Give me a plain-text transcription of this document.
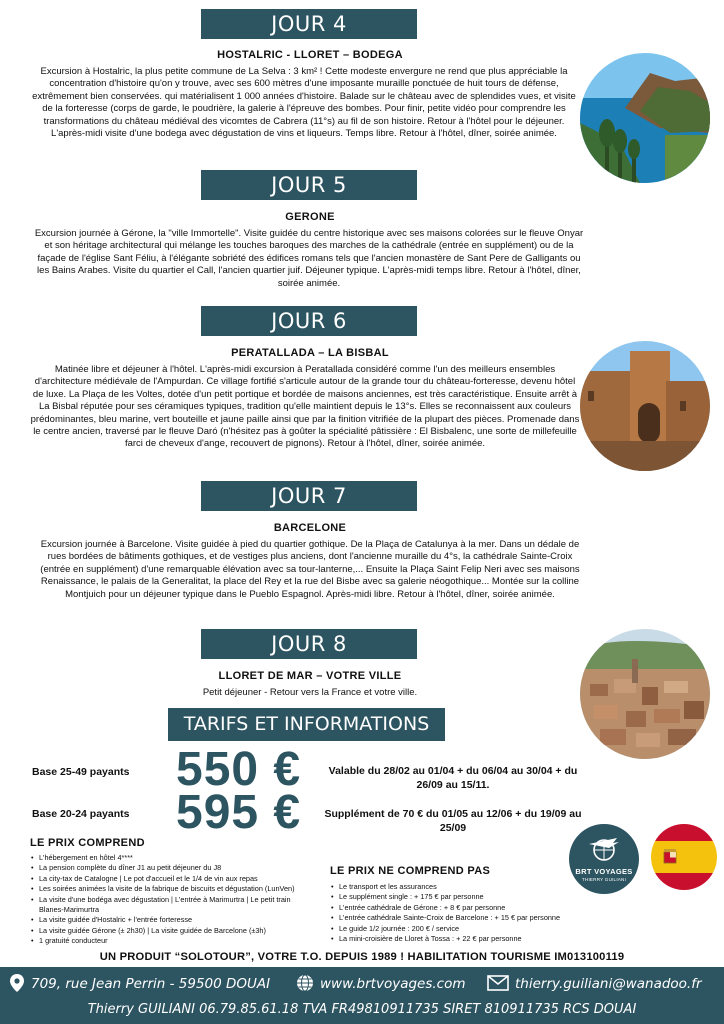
JOUR 4
HOSTALRIC - LLORET – BODEGA
Excursion à Hostalric, la plus petite commune de La Selva : 3 km² ! Cette modeste envergure ne rend que plus appréciable la concentration d'histoire qu'on y trouve, avec ses 600 mètres d'une imposante muraille ponctuée de huit tours de défense, extrêmement bien conservées. qui matérialisent 1 000 années d'histoire. Balade sur le château avec de splendides vues, et visite de la forteresse (corps de garde, le poudrière, la galerie à l'épreuve des bombes. Pour finir, petite vidéo pour comprendre les transformations du château médiéval des vicomtes de Cabrera (11°s) au fil de son histoire. Retour à l'hôtel pour le déjeuner. L'après-midi visite d'une bodega avec dégustation de vins et liqueurs. Temps libre. Retour à l'hôtel, dîner, soirée animée.
JOUR 5
GERONE
Excursion journée à Gérone, la "ville Immortelle". Visite guidée du centre historique avec ses maisons colorées sur le fleuve Onyar et son héritage architectural qui mélange les touches baroques des marches de la cathédrale (entrée en supplément) ou de la façade de l'église Sant Féliu, à l'élégante sobriété des édifices romans tels que l'ancien monastère de Sant Pere de Galligants ou les Bains Arabes. Visite du quartier el Call, l'ancien quartier juif. Déjeuner typique. L'après-midi temps libre. Retour à l'hôtel, dîner, soirée animée.
JOUR 6
PERATALLADA – LA BISBAL
Matinée libre et déjeuner à l'hôtel. L'après-midi excursion à Peratallada considéré comme l'un des meilleurs ensembles d'architecture médiévale de l'Ampurdan. Ce village fortifié s'articule autour de la grande tour du château-forteresse, devenu hôtel de luxe. La Plaça de les Voltes, dotée d'un petit portique et bordée de maisons anciennes, est très caractéristique. Ensuite arrêt à La Bisbal réputée pour ses céramiques typiques, tradition qu'elle maintient depuis le 13°s. Elles se reconnaissent aux couleurs prédominantes, bleu marine, vert bouteille et jaune paille ainsi que par la finition vitrifiée de la plupart des pièces. Promenade dans le centre ancien, traversé par le fleuve Daró (n'hésitez pas à goûter la spécialité pâtissière : El Bisbalenc, une sorte de millefeuille farci de cheveux d'ange, recouvert de pignons). Retour à l'hôtel, dîner, soirée animée.
JOUR 7
BARCELONE
Excursion journée à Barcelone. Visite guidée à pied du quartier gothique. De la Plaça de Catalunya à la mer. Dans un dédale de rues bordées de bâtiments gothiques, et de vestiges plus anciens, dont l'ancienne muraille du 4°s, la cathédrale Sainte-Croix (entrée en supplément) d'une remarquable élévation avec sa tour-lanterne,... Ensuite la Plaça Saint Felip Neri avec ses maisons Renaissance, le palais de la Generalitat, la place del Rey et la rue del Bisbe avec sa galerie néogothique... Montée sur la colline Montjuich pour un déjeuner typique dans le Pueblo Espagnol. Après-midi libre. Retour à l'hôtel, dîner, soirée animée.
JOUR 8
LLORET DE MAR – VOTRE VILLE
Petit déjeuner - Retour vers la France et votre ville.
TARIFS ET INFORMATIONS
Base 25-49 payants 550 €	Valable du 28/02 au 01/04 + du 06/04 au 30/04 + du 26/09 au 15/11.
Base 20-24 payants 595 €	Supplément de 70 € du 01/05 au 12/06 + du 19/09 au 25/09
LE PRIX COMPREND
• L'hébergement en hôtel 4****
• La pension complète du dîner J1 au petit déjeuner du J8
• La city-tax de Catalogne | Le pot d'accueil et le 1/4 de vin aux repas
• Les soirées animées la visite de la fabrique de biscuits et dégustation (LunVen)
• La visite d'une bodéga avec dégustation | L'entrée à Marimurtra | Le petit train Blanes-Marimurtra
• La visite guidée d'Hostalric + l'entrée forteresse
• La visite guidée Gérone (± 2h30) | La visite guidée de Barcelone (±3h)
• 1 gratuité conducteur
LE PRIX NE COMPREND PAS
• Le transport et les assurances
• Le supplément single : + 175 € par personne
• L'entrée cathédrale de Gérone : + 8 € par personne
• L'entrée cathédrale Sainte-Croix de Barcelone : + 15 € par personne
• Le guide 1/2 journée : 200 € / service
• La mini-croisière de Lloret à Tossa : + 22 € par personne
BRT VOYAGES
THIERRY GUILIANI
UN PRODUIT “SOLOTOUR”, VOTRE T.O. DEPUIS 1989 ! HABILITATION TOURISME IM013100119
709, rue Jean Perrin - 59500 DOUAI	www.brtvoyages.com	thierry.guiliani@wanadoo.fr
Thierry GUILIANI 06.79.85.61.18 TVA FR49810911735 SIRET 810911735 RCS DOUAI
